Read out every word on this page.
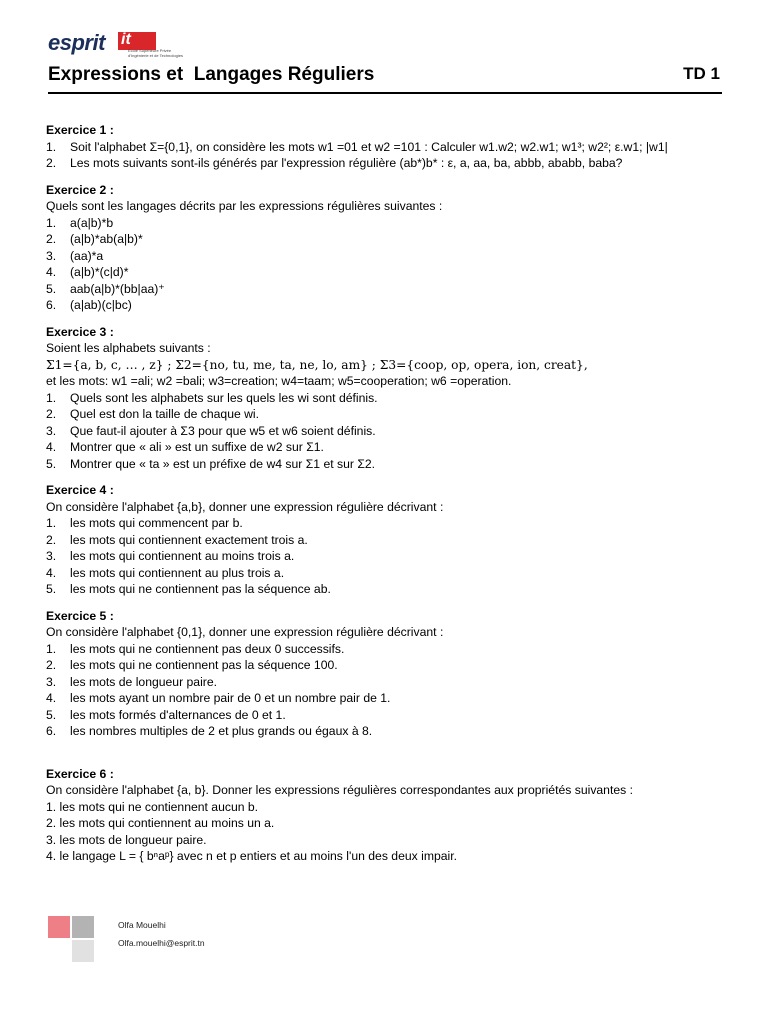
esprit it
École Supérieure Privée d'Ingénierie et de Technologies
Expressions et  Langages Réguliers	TD 1
Exercice 1 :
1. Soit l'alphabet Σ={0,1}, on considère les mots w1 =01 et w2 =101 : Calculer w1.w2; w2.w1; w1³; w2²; ε.w1; |w1|
2. Les mots suivants sont-ils générés par l'expression régulière (ab*)b* : ε, a, aa, ba, abbb, ababb, baba?
Exercice 2 :
Quels sont les langages décrits par les expressions régulières suivantes :
1. a(a|b)*b
2. (a|b)*ab(a|b)*
3. (aa)*a
4. (a|b)*(c|d)*
5. aab(a|b)*(bb|aa)⁺
6. (a|ab)(c|bc)
Exercice 3 :
Soient les alphabets suivants :
Σ1={a, b, c, … , z} ; Σ2={no, tu, me, ta, ne, lo, am} ; Σ3={coop, op, opera, ion, creat},
et les mots: w1 =ali; w2 =bali; w3=creation; w4=taam; w5=cooperation; w6 =operation.
1. Quels sont les alphabets sur les quels les wi sont définis.
2. Quel est don la taille de chaque wi.
3. Que faut-il ajouter à Σ3 pour que w5 et w6 soient définis.
4. Montrer que « ali » est un suffixe de w2 sur Σ1.
5. Montrer que « ta » est un préfixe de w4 sur Σ1 et sur Σ2.
Exercice 4 :
On considère l'alphabet {a,b}, donner une expression régulière décrivant :
1. les mots qui commencent par b.
2. les mots qui contiennent exactement trois a.
3. les mots qui contiennent au moins trois a.
4. les mots qui contiennent au plus trois a.
5. les mots qui ne contiennent pas la séquence ab.
Exercice 5 :
On considère l'alphabet {0,1}, donner une expression régulière décrivant :
1. les mots qui ne contiennent pas deux 0 successifs.
2. les mots qui ne contiennent pas la séquence 100.
3. les mots de longueur paire.
4. les mots ayant un nombre pair de 0 et un nombre pair de 1.
5. les mots formés d'alternances de 0 et 1.
6. les nombres multiples de 2 et plus grands ou égaux à 8.
Exercice 6 :
On considère l'alphabet {a, b}. Donner les expressions régulières correspondantes aux propriétés suivantes :
1. les mots qui ne contiennent aucun b.
2. les mots qui contiennent au moins un a.
3. les mots de longueur paire.
4. le langage L = { bⁿaᵖ} avec n et p entiers et au moins l'un des deux impair.
Olfa Mouelhi
Olfa.mouelhi@esprit.tn
